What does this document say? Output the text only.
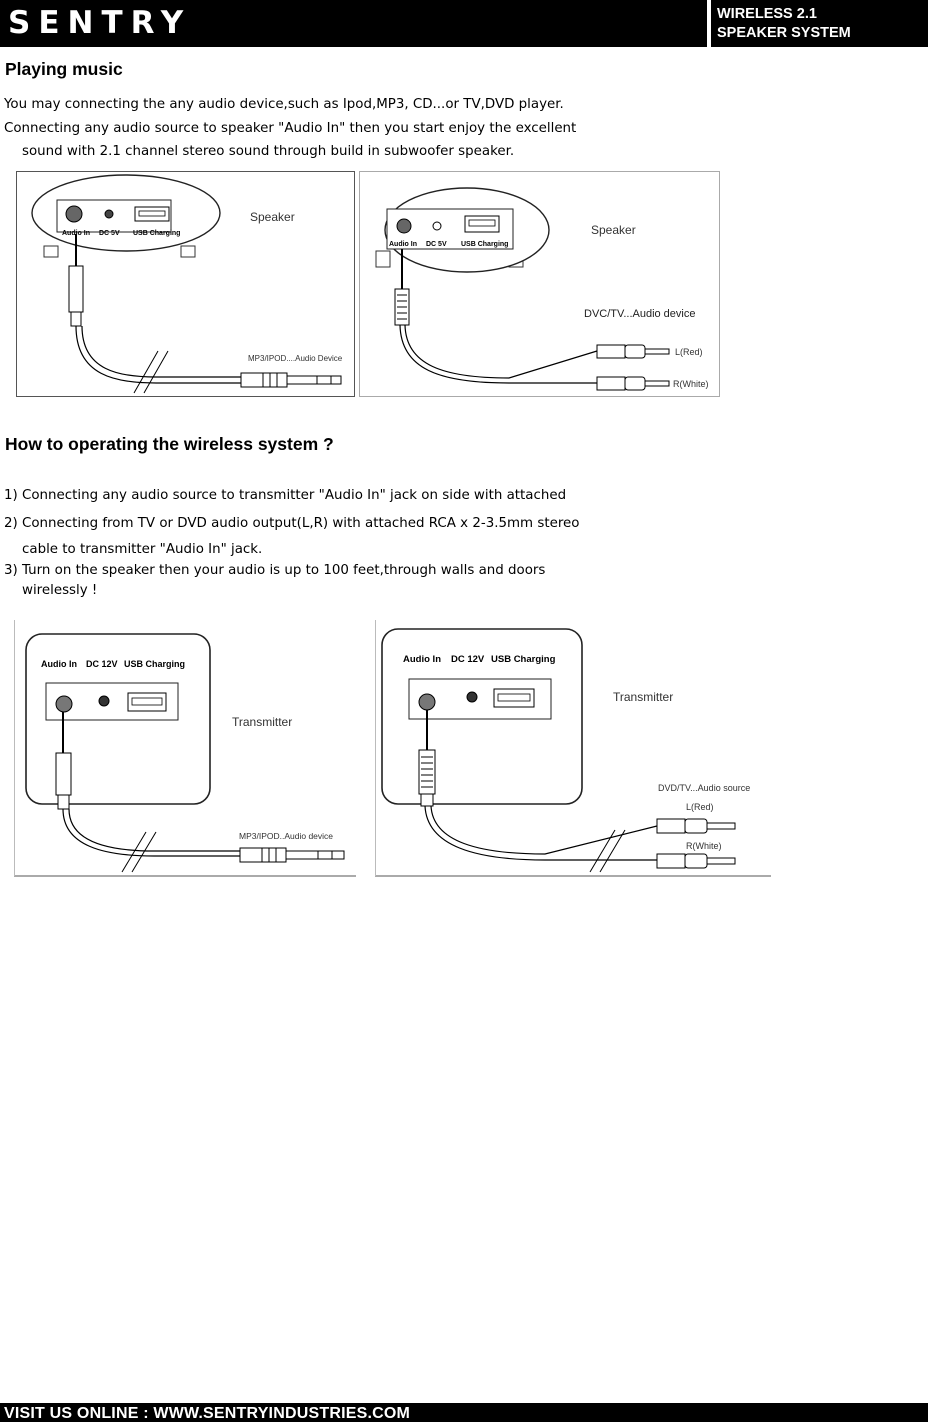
SENTRY	WIRELESS 2.1
SPEAKER SYSTEM
Playing music
You may connecting the any audio device,such as Ipod,MP3, CD...or TV,DVD player.
Connecting any audio source to speaker "Audio In" then you start enjoy the excellent
sound with 2.1 channel stereo sound through build in subwoofer speaker.
Audio In DC 5V USB Charging
Speaker
MP3/IPOD....Audio Device
Audio In DC 5V USB Charging
Speaker
DVC/TV...Audio device
L(Red)
R(White)
How to operating the wireless system ?
1) Connecting any audio source to transmitter "Audio In" jack on side with attached
2) Connecting from TV or DVD audio output(L,R) with attached RCA x 2-3.5mm stereo
cable to transmitter "Audio In" jack.
3) Turn on the speaker then your audio is up to 100 feet,through walls and doors
wirelessly !
Audio In DC 12V USB Charging
Transmitter
MP3/IPOD..Audio device
Audio In DC 12V USB Charging
Transmitter
DVD/TV...Audio source
L(Red)
R(White)
VISIT US ONLINE : WWW.SENTRYINDUSTRIES.COM
